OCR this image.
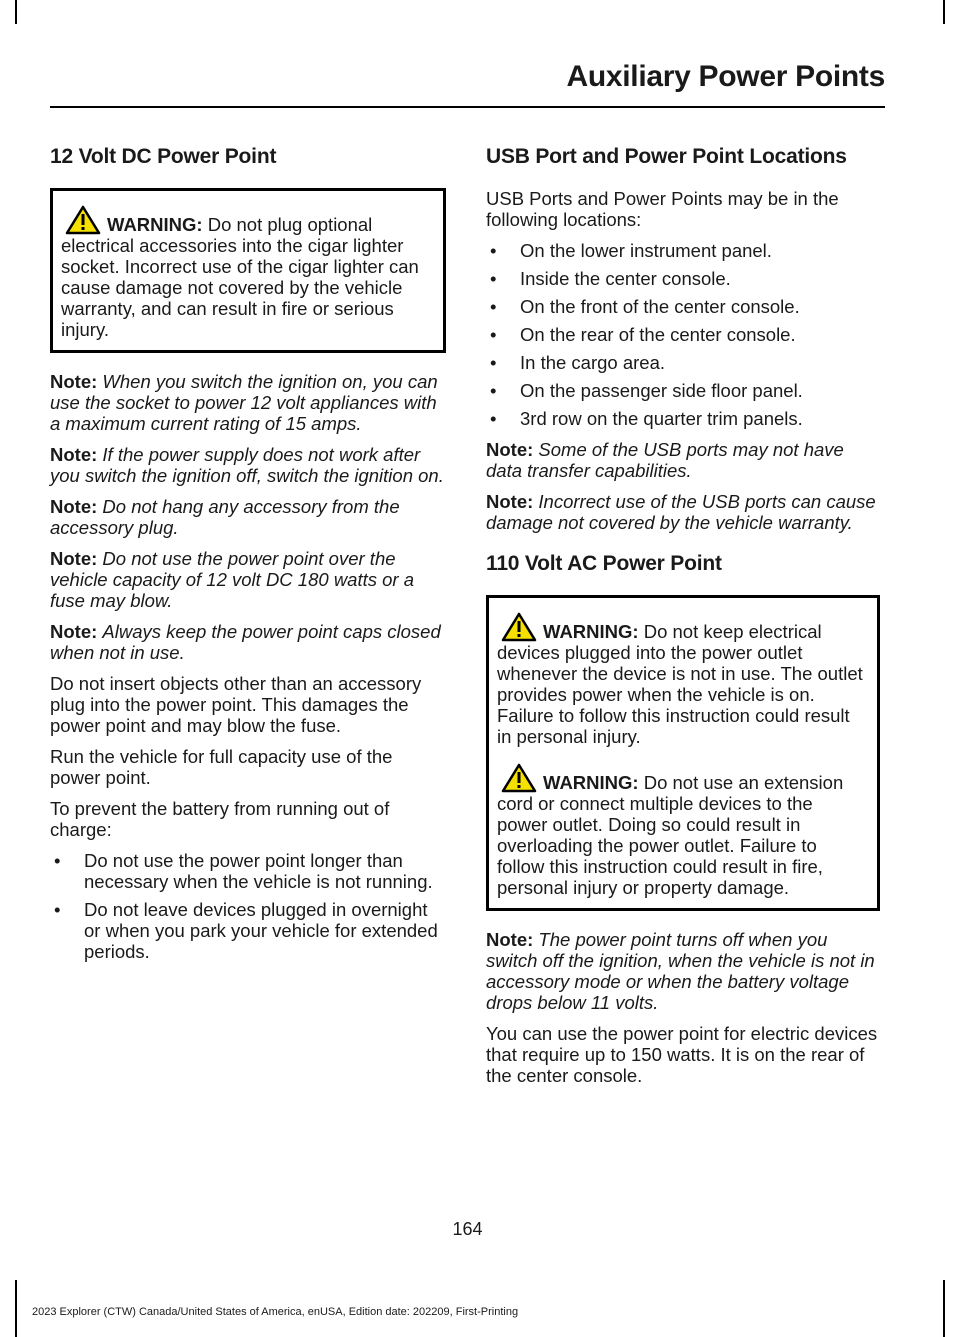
Auxiliary Power Points
12 Volt DC Power Point

WARNING: Do not plug optional electrical accessories into the cigar lighter socket. Incorrect use of the cigar lighter can cause damage not covered by the vehicle warranty, and can result in fire or serious injury.

Note: When you switch the ignition on, you can use the socket to power 12 volt appliances with a maximum current rating of 15 amps.

Note: If the power supply does not work after you switch the ignition off, switch the ignition on.

Note: Do not hang any accessory from the accessory plug.

Note: Do not use the power point over the vehicle capacity of 12 volt DC 180 watts or a fuse may blow.

Note: Always keep the power point caps closed when not in use.

Do not insert objects other than an accessory plug into the power point. This damages the power point and may blow the fuse.

Run the vehicle for full capacity use of the power point.

To prevent the battery from running out of charge:

• Do not use the power point longer than necessary when the vehicle is not running.
• Do not leave devices plugged in overnight or when you park your vehicle for extended periods.
USB Port and Power Point Locations

USB Ports and Power Points may be in the following locations:

• On the lower instrument panel.
• Inside the center console.
• On the front of the center console.
• On the rear of the center console.
• In the cargo area.
• On the passenger side floor panel.
• 3rd row on the quarter trim panels.

Note: Some of the USB ports may not have data transfer capabilities.

Note: Incorrect use of the USB ports can cause damage not covered by the vehicle warranty.

110 Volt AC Power Point

WARNING: Do not keep electrical devices plugged into the power outlet whenever the device is not in use. The outlet provides power when the vehicle is on. Failure to follow this instruction could result in personal injury.

WARNING: Do not use an extension cord or connect multiple devices to the power outlet. Doing so could result in overloading the power outlet. Failure to follow this instruction could result in fire, personal injury or property damage.

Note: The power point turns off when you switch off the ignition, when the vehicle is not in accessory mode or when the battery voltage drops below 11 volts.

You can use the power point for electric devices that require up to 150 watts. It is on the rear of the center console.

164
2023 Explorer (CTW) Canada/United States of America, enUSA, Edition date: 202209, First-Printing
